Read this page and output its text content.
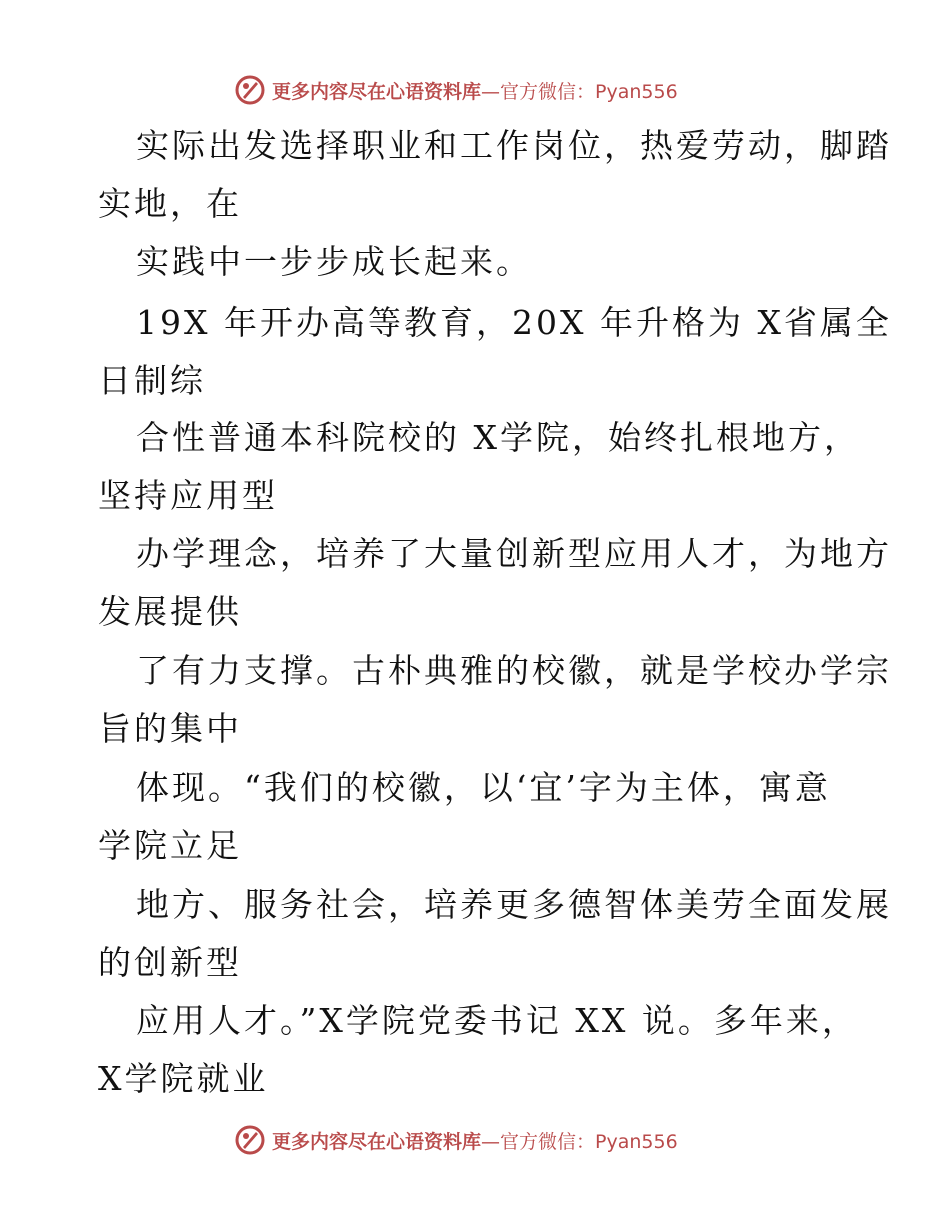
更多内容尽在心语资料库 —官方微信：Pyan556
实际出发选择职业和工作岗位，热爱劳动，脚踏
实地，在
实践中一步步成长起来。
19X 年开办高等教育，20X 年升格为 X省属全
日制综
合性普通本科院校的 X学院，始终扎根地方，
坚持应用型
办学理念，培养了大量创新型应用人才，为地方
发展提供
了有力支撑。古朴典雅的校徽，就是学校办学宗
旨的集中
体现。“我们的校徽，以‘宜’字为主体，寓意
学院立足
地方、服务社会，培养更多德智体美劳全面发展
的创新型
应用人才。”X学院党委书记 XX 说。多年来，
X学院就业
更多内容尽在心语资料库 —官方微信：Pyan556
